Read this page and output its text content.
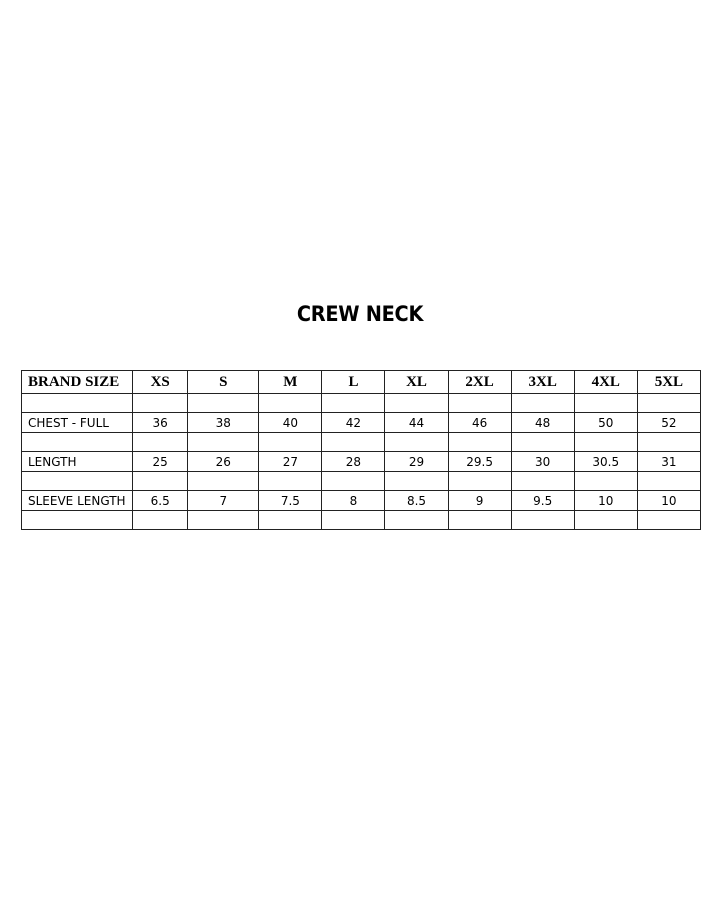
CREW NECK
BRAND SIZE	XS	S	M	L	XL	2XL	3XL	4XL	5XL

CHEST - FULL	36	38	40	42	44	46	48	50	52

LENGTH	25	26	27	28	29	29.5	30	30.5	31

SLEEVE LENGTH	6.5	7	7.5	8	8.5	9	9.5	10	10
